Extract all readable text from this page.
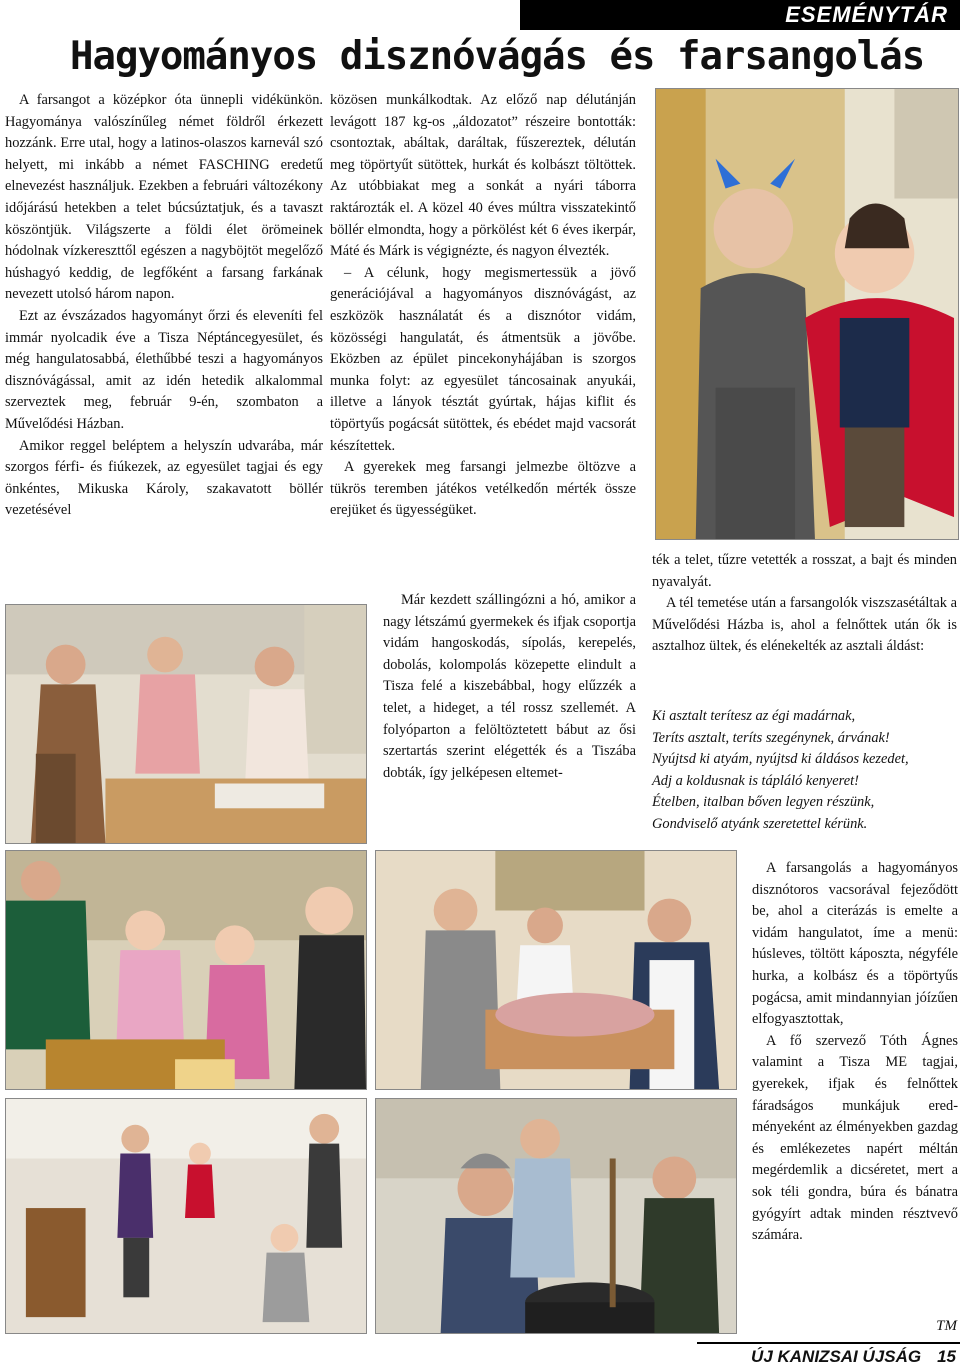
ESEMÉNYTÁR
Hagyományos disznóvágás és farsangolás

A farsangot a középkor óta ünnepli vidékünkön. Hagyománya valószínűleg német földről érkezett hozzánk. Erre utal, hogy a latinos-olaszos karnevál szó helyett, mi inkább a német FASCHING eredetű elnevezést használjuk. Ezekben a februári változékony időjárású hetekben a telet búcsúztatjuk, és a tavaszt köszöntjük. Világszerte a földi élet örömeinek hódolnak vízkereszttől egészen a nagyböjtöt megelőző húshagyó keddig, de legfőként a farsang farkának nevezett utolsó három napon.

Ezt az évszázados hagyományt őrzi és eleveníti fel immár nyolcadik éve a Tisza Néptáncegyesület, és még hangulatosabbá, élethűbbé teszi a hagyományos disznóvágással, amit az idén hetedik alkalommal szerveztek meg, február 9-én, szombaton a Művelődési Házban.

Amikor reggel beléptem a helyszín udvarába, már szorgos férfi- és fiúkezek, az egyesület tagjai és egy önkéntes, Mikuska Károly, szakavatott böllér vezetésével

közösen munkálkodtak. Az előző nap délutánján levágott 187 kg-os „áldozatot” részeire bontották: csontoztak, abáltak, daráltak, fűszereztek, délután meg töpörtyűt sütöttek, hurkát és kolbászt töltöttek. Az utóbbiakat meg a sonkát a nyári táborra raktározták el. A közel 40 éves múltra visszatekintő böllér elmondta, hogy a pörkölést két 6 éves ikerpár, Máté és Márk is végignézte, és nagyon élvezték.

– A célunk, hogy megismertessük a jövő generációjával a hagyományos disznóvágást, az eszközök használatát és a disznótor vidám, közösségi hangulatát, és átmentsük a jövőbe. Eközben az épület pincekonyhájában is szorgos munka folyt: az egyesület táncosainak anyukái, illetve a lányok tésztát gyúrtak, hájas kiflit és töpörtyűs pogácsát sütöttek, és ebédet majd vacsorát készítettek.

A gyerekek meg farsangi jelmezbe öltözve a tükrös teremben játékos vetélkedőn mérték össze erejüket és ügyességüket.

Már kezdett szállingózni a hó, amikor a nagy létszámú gyermekek és ifjak csoportja vidám hangoskodás, sípolás, kerepelés, dobolás, kolompolás közepette elindult a Tisza felé a kiszebábbal, hogy elűzzék a telet, a hideget, a tél rossz szellemét. A folyóparton a felöltöztetett bábut az ősi szertartás szerint elégették és a Tiszába dobták, így jelképesen eltemet-

ték a telet, tűzre vetették a rosszat, a bajt és minden nyavalyát.

A tél temetése után a farsangolók viszszasétáltak a Művelődési Házba is, ahol a felnőttek után ők is asztalhoz ültek, és elénekelték az asztali áldást:

Ki asztalt terítesz az égi madárnak,
Teríts asztalt, teríts szegénynek, árvának!
Nyújtsd ki atyám, nyújtsd ki áldásos kezedet,
Adj a koldusnak is tápláló kenyeret!
Ételben, italban bőven legyen részünk,
Gondviselő atyánk szeretettel kérünk.

A farsangolás a hagyományos disznótoros vacsorával fejeződött be, ahol a citerázás is emelte a vidám hangulatot, íme a menü: húsleves, töltött káposzta, négyféle hurka, a kolbász és a töpörtyűs pogácsa, amit mindannyian jóízűen elfogyasztottak,

A fő szervező Tóth Ágnes valamint a Tisza ME tagjai, gyerekek, ifjak és felnőttek fáradságos munkájuk eredményeként az élményekben gazdag és emlékezetes napért méltán megérdemlik a dicséretet, mert a sok téli gondra, búra és bánatra gyógyírt adtak minden résztvevő számára.

TM
ÚJ KANIZSAI ÚJSÁG 15
